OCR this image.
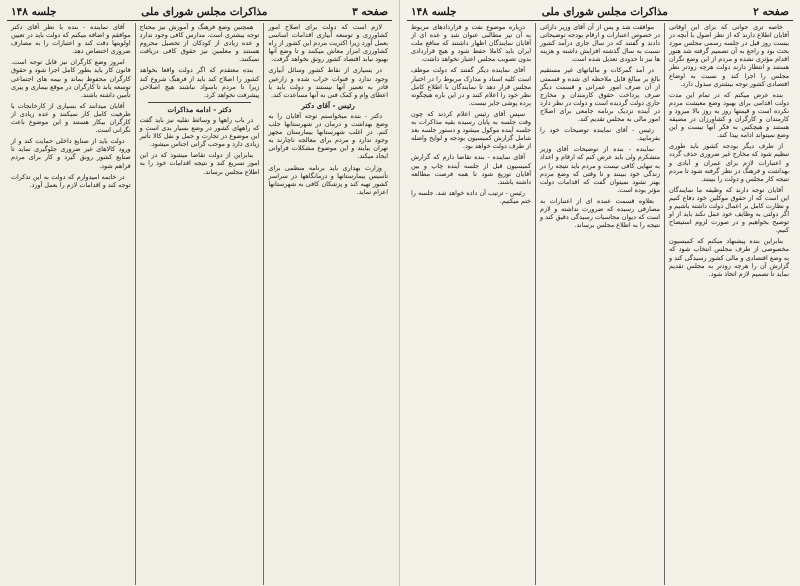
صفحه ۳
مذاکرات مجلس شورای ملی
جلسه ۱۴۸

لازم است که دولت برای اصلاح امور کشاورزی و توسعه آبیاری اقدامات اساسی بعمل آورد زیرا اکثریت مردم این کشور از راه کشاورزی امرار معاش میکنند و تا وضع آنها بهبود نیابد اقتصاد کشور رونق نخواهد گرفت.

در بسیاری از نقاط کشور وسائل آبیاری وجود ندارد و قنوات خراب شده و زارعین قادر به تعمیر آنها نیستند و دولت باید با اعطای وام و کمک فنی به آنها مساعدت کند.

رئیس - آقای دکتر

دکتر - بنده میخواستم توجه آقایان را به وضع بهداشت و درمان در شهرستانها جلب کنم. در اغلب شهرستانها بیمارستان مجهز وجود ندارد و مردم برای معالجه ناچارند به تهران بیایند و این موضوع مشکلات فراوانی ایجاد میکند.

وزارت بهداری باید برنامه منظمی برای تأسیس بیمارستانها و درمانگاهها در سراسر کشور تهیه کند و پزشکان کافی به شهرستانها اعزام نماید.

همچنین وضع فرهنگ و آموزش نیز محتاج توجه بیشتری است. مدارس کافی وجود ندارد و عده زیادی از کودکان از تحصیل محروم هستند و معلمین نیز حقوق کافی دریافت نمیکنند.

بنده معتقدم که اگر دولت واقعا بخواهد کشور را اصلاح کند باید از فرهنگ شروع کند زیرا تا مردم باسواد نباشند هیچ اصلاحی پیشرفت نخواهد کرد.

دکتر - ادامه مذاکرات

در باب راهها و وسائط نقلیه نیز باید گفت که راههای کشور در وضع بسیار بدی است و این موضوع در تجارت و حمل و نقل کالا تأثیر زیادی دارد و موجب گرانی اجناس میشود.

بنابراین از دولت تقاضا میشود که در این امور تسریع کند و نتیجه اقدامات خود را به اطلاع مجلس برساند.

آقای نماینده - بنده با نظر آقای دکتر موافقم و اضافه میکنم که دولت باید در تعیین اولویتها دقت کند و اعتبارات را به مصارف ضروری اختصاص دهد.

امروز وضع کارگران نیز قابل توجه است. قانون کار باید بطور کامل اجرا شود و حقوق کارگران محفوظ بماند و بیمه های اجتماعی توسعه یابد تا کارگران در موقع بیماری و پیری تأمین داشته باشند.

آقایان میدانند که بسیاری از کارخانجات با ظرفیت کامل کار نمیکنند و عده زیادی از کارگران بیکار هستند و این موضوع باعث نگرانی است.

دولت باید از صنایع داخلی حمایت کند و از ورود کالاهای غیر ضروری جلوگیری نماید تا صنایع کشور رونق گیرد و کار برای مردم فراهم شود.

در خاتمه امیدوارم که دولت به این تذکرات توجه کند و اقدامات لازم را بعمل آورد.

صفحه ۲
مذاکرات مجلس شورای ملی
جلسه ۱۴۸

خاصه تری جوانی که برای این اوقاتی آقایان اطلاع دارند که از نظر اصول با آنچه در بیست روز قبل در جلسه رسمی مجلس مورد بحث بود و راجع به آن تصمیم گرفته شد هنوز اقدام مؤثری نشده و مردم از این وضع نگران هستند و انتظار دارند دولت هرچه زودتر نظر مجلس را اجرا کند و نسبت به اوضاع اقتصادی کشور توجه بیشتری مبذول دارد.

بنده عرض میکنم که در تمام این مدت دولت اقدامی برای بهبود وضع معیشت مردم نکرده است و قیمتها روز به روز بالا میرود و کارمندان و کارگران و کشاورزان در مضیقه هستند و هیچکس به فکر آنها نیست و این وضع نمیتواند ادامه پیدا کند.

از طرف دیگر بودجه کشور باید طوری تنظیم شود که مخارج غیر ضروری حذف گردد و اعتبارات لازم برای عمران و آبادی و بهداشت و فرهنگ در نظر گرفته شود تا مردم نتیجه کار مجلس و دولت را ببینند.

آقایان توجه دارند که وظیفه ما نمایندگان این است که از حقوق موکلین خود دفاع کنیم و نظارت کامل بر اعمال دولت داشته باشیم و اگر دولتی به وظایف خود عمل نکند باید از او توضیح بخواهیم و در صورت لزوم استیضاح کنیم.

بنابراین بنده پیشنهاد میکنم که کمیسیون مخصوصی از طرف مجلس انتخاب شود که به وضع اقتصادی و مالی کشور رسیدگی کند و گزارش آن را هرچه زودتر به مجلس تقدیم نماید تا تصمیم لازم اتخاذ شود.

موافقت شد و پس از آن آقای وزیر دارائی در خصوص اعتبارات و ارقام بودجه توضیحاتی دادند و گفتند که در سال جاری درآمد کشور نسبت به سال گذشته افزایش داشته و هزینه ها نیز تا حدودی تعدیل شده است.

در آمد گمرکات و مالیاتهای غیر مستقیم بالغ بر مبالغ قابل ملاحظه ای شده و قسمتی از آن صرف امور عمرانی و قسمت دیگر صرف پرداخت حقوق کارمندان و مخارج جاری دولت گردیده است و دولت در نظر دارد در آینده نزدیک برنامه جامعی برای اصلاح امور مالی به مجلس تقدیم کند.

رئیس - آقای نماینده توضیحات خود را بفرمایید.

نماینده - بنده از توضیحات آقای وزیر متشکرم ولی باید عرض کنم که ارقام و اعداد به تنهایی کافی نیست و مردم باید نتیجه را در زندگی خود ببینند و تا وقتی که وضع مردم بهتر نشود نمیتوان گفت که اقدامات دولت مؤثر بوده است.

بعلاوه قسمت عمده ای از اعتبارات به مصارفی رسیده که ضرورت نداشته و لازم است که دیوان محاسبات رسیدگی دقیق کند و نتیجه را به اطلاع مجلس برساند.

درباره موضوع نفت و قراردادهای مربوط به آن نیز مطالبی عنوان شد و عده ای از آقایان نمایندگان اظهار داشتند که منافع ملت ایران باید کاملا حفظ شود و هیچ قراردادی بدون تصویب مجلس اعتبار نخواهد داشت.

آقای نماینده دیگر گفتند که دولت موظف است کلیه اسناد و مدارک مربوط را در اختیار مجلس قرار دهد تا نمایندگان با اطلاع کامل نظر خود را اعلام کنند و در این باره هیچگونه پرده پوشی جایز نیست.

سپس آقای رئیس اعلام کردند که چون وقت جلسه به پایان رسیده بقیه مذاکرات به جلسه آینده موکول میشود و دستور جلسه بعد شامل گزارش کمیسیون بودجه و لوایح واصله از طرف دولت خواهد بود.

آقای نماینده - بنده تقاضا دارم که گزارش کمیسیون قبل از جلسه آینده چاپ و بین آقایان توزیع شود تا همه فرصت مطالعه داشته باشند.

رئیس - ترتیب آن داده خواهد شد. جلسه را ختم میکنیم.
